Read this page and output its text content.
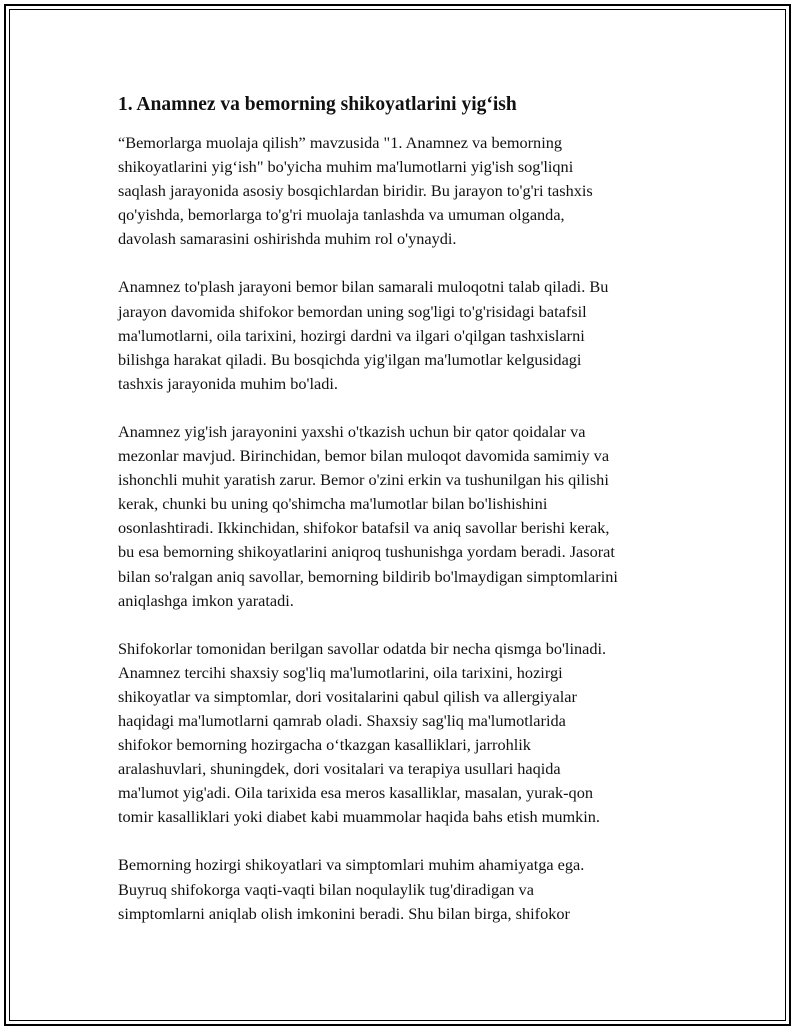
1. Anamnez va bemorning shikoyatlarini yig‘ish

“Bemorlarga muolaja qilish” mavzusida "1. Anamnez va bemorning
shikoyatlarini yig‘ish" bo'yicha muhim ma'lumotlarni yig'ish sog'liqni
saqlash jarayonida asosiy bosqichlardan biridir. Bu jarayon to'g'ri tashxis
qo'yishda, bemorlarga to'g'ri muolaja tanlashda va umuman olganda,
davolash samarasini oshirishda muhim rol o'ynaydi.

Anamnez to'plash jarayoni bemor bilan samarali muloqotni talab qiladi. Bu
jarayon davomida shifokor bemordan uning sog'ligi to'g'risidagi batafsil
ma'lumotlarni, oila tarixini, hozirgi dardni va ilgari o'qilgan tashxislarni
bilishga harakat qiladi. Bu bosqichda yig'ilgan ma'lumotlar kelgusidagi
tashxis jarayonida muhim bo'ladi.

Anamnez yig'ish jarayonini yaxshi o'tkazish uchun bir qator qoidalar va
mezonlar mavjud. Birinchidan, bemor bilan muloqot davomida samimiy va
ishonchli muhit yaratish zarur. Bemor o'zini erkin va tushunilgan his qilishi
kerak, chunki bu uning qo'shimcha ma'lumotlar bilan bo'lishishini
osonlashtiradi. Ikkinchidan, shifokor batafsil va aniq savollar berishi kerak,
bu esa bemorning shikoyatlarini aniqroq tushunishga yordam beradi. Jasorat
bilan so'ralgan aniq savollar, bemorning bildirib bo'lmaydigan simptomlarini
aniqlashga imkon yaratadi.

Shifokorlar tomonidan berilgan savollar odatda bir necha qismga bo'linadi.
Anamnez tercihi shaxsiy sog'liq ma'lumotlarini, oila tarixini, hozirgi
shikoyatlar va simptomlar, dori vositalarini qabul qilish va allergiyalar
haqidagi ma'lumotlarni qamrab oladi. Shaxsiy sag'liq ma'lumotlarida
shifokor bemorning hozirgacha o‘tkazgan kasalliklari, jarrohlik
aralashuvlari, shuningdek, dori vositalari va terapiya usullari haqida
ma'lumot yig'adi. Oila tarixida esa meros kasalliklar, masalan, yurak-qon
tomir kasalliklari yoki diabet kabi muammolar haqida bahs etish mumkin.

Bemorning hozirgi shikoyatlari va simptomlari muhim ahamiyatga ega.
Buyruq shifokorga vaqti-vaqti bilan noqulaylik tug'diradigan va
simptomlarni aniqlab olish imkonini beradi. Shu bilan birga, shifokor
